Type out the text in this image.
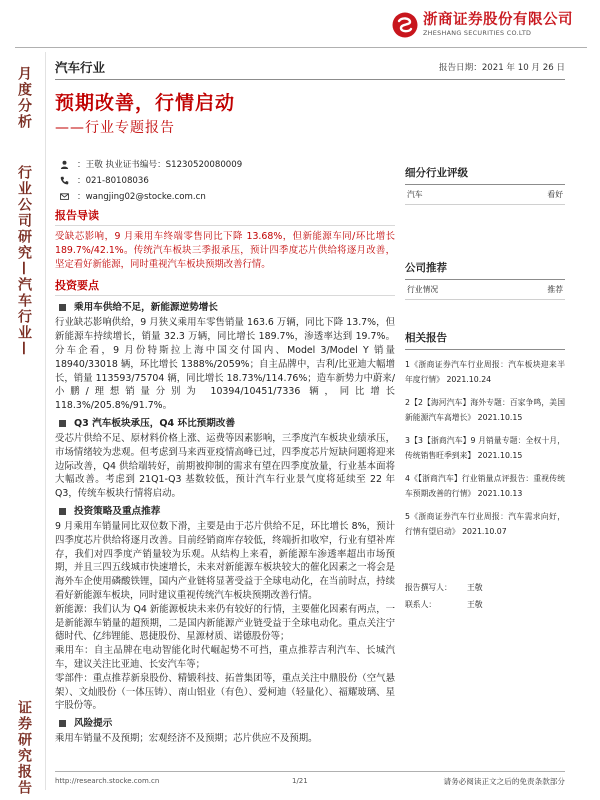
浙商证券股份有限公司
ZHESHANG SECURITIES CO.LTD
月度分析
行业公司研究—汽车行业—
证券研究报告
汽车行业	报告日期：2021 年 10 月 26 日
预期改善，行情启动
——行业专题报告
：王敬 执业证书编号：S1230520080009
：021-80108036
：wangjing02@stocke.com.cn
报告导读

受缺芯影响，9 月乘用车终端零售同比下降 13.68%，但新能源车同/环比增长 189.7%/42.1%。传统汽车板块三季报承压，预计四季度芯片供给将逐月改善，坚定看好新能源，同时重视汽车板块预期改善行情。

投资要点
乘用车供给不足，新能源逆势增长

行业缺芯影响供给，9 月狭义乘用车零售销量 163.6 万辆，同比下降 13.7%，但新能源车持续增长，销量 32.3 万辆，同比增长 189.7%，渗透率达到 19.7%。分车企看，9 月份特斯拉上海中国交付国内、Model 3/Model Y 销量 18940/33018 辆，环比增长 1388%/2059%；自主品牌中，吉利/比亚迪大幅增长，销量 113593/75704 辆，同比增长 18.73%/114.76%；造车新势力中蔚来/小鹏/理想销量分别为 10394/10451/7336 辆，同比增长 118.3%/205.8%/91.7%。

Q3 汽车板块承压，Q4 环比预期改善

受芯片供给不足、原材料价格上涨、运费等因素影响，三季度汽车板块业绩承压，市场情绪较为悲观。但考虑到马来西亚疫情高峰已过，四季度芯片短缺问题将迎来边际改善，Q4 供给端转好，前期被抑制的需求有望在四季度放量，行业基本面将大幅改善。考虑到 21Q1-Q3 基数较低，预计汽车行业景气度将延续至 22 年 Q3，传统车板块行情将启动。

投资策略及重点推荐

9 月乘用车销量同比双位数下滑，主要是由于芯片供给不足，环比增长 8%，预计四季度芯片供给将逐月改善。目前经销商库存较低，终端折扣收窄，行业有望补库存，我们对四季度产销量较为乐观。从结构上来看，新能源车渗透率超出市场预期，并且三四五线城市快速增长，未来对新能源车板块较大的催化因素之一将会是海外车企使用磷酸铁锂，国内产业链将显著受益于全球电动化，在当前时点，持续看好新能源车板块，同时建议重视传统汽车板块预期改善行情。

新能源：我们认为 Q4 新能源板块未来仍有较好的行情，主要催化因素有两点，一是新能源车销量的超预期，二是国内新能源产业链受益于全球电动化。重点关注宁德时代、亿纬锂能、恩捷股份、星源材质、诺德股份等；

乘用车：自主品牌在电动智能化时代崛起势不可挡，重点推荐吉利汽车、长城汽车，建议关注比亚迪、长安汽车等；

零部件：重点推荐新泉股份、精锻科技、拓普集团等，重点关注中鼎股份（空气悬架）、文灿股份（一体压铸）、南山铝业（有色）、爱柯迪（轻量化）、福耀玻璃、星宇股份等。

风险提示

乘用车销量不及预期；宏观经济不及预期；芯片供应不及预期。

细分行业评级
汽车	看好
公司推荐
行业情况	推荐
相关报告
1《浙商证券汽车行业周报：汽车板块迎来半年度行情》 2021.10.24
2【2【海河汽车】海外专题：百家争鸣，美国新能源汽车高增长》 2021.10.15
3【3【浙商汽车】9 月销量专题：全权十月，传统销售旺季到来】 2021.10.15
4《【浙商汽车】行业销量点评报告：重视传统车预期改善的行情》 2021.10.13
5《浙商证券汽车行业周报：汽车需求向好，行情有望启动》 2021.10.07
报告撰写人：	王敬
联系人：	王敬
http://research.stocke.com.cn	1/21	请务必阅读正文之后的免责条款部分
